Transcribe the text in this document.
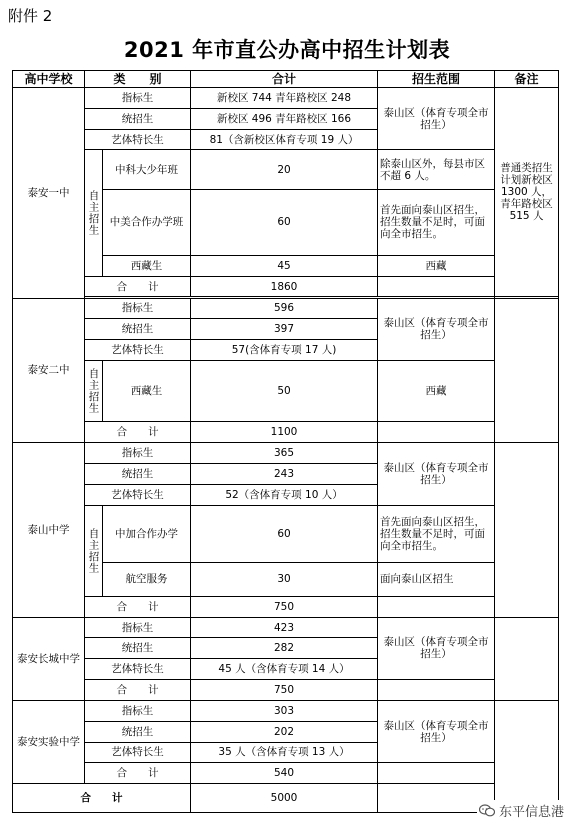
附件 2
2021 年市直公办高中招生计划表
高中学校	类　　别		合计	招生范围	备注
泰安一中	指标生		新校区 744 青年路校区 248	泰山区（体育专项全市招生）	普通类招生计划新校区1300 人，青年路校区 515 人
	统招生		新校区 496 青年路校区 166		
	艺体特长生		81（含新校区体育专项 19 人）		
	自主招生	中科大少年班	20	除泰山区外，每县市区不超 6 人。	
		中美合作办学班	60	首先面向泰山区招生，招生数量不足时，可面向全市招生。	
		西藏生	45	西藏	
	合　　计		1860		

泰安二中	指标生		596	泰山区（体育专项全市招生）	
	统招生		397		
	艺体特长生		57(含体育专项 17 人)		
	自主招生	西藏生	50	西藏	
	合　　计		1100		
泰山中学	指标生		365	泰山区（体育专项全市招生）	
	统招生		243		
	艺体特长生		52（含体育专项 10 人）		
	自主招生	中加合作办学	60	首先面向泰山区招生，招生数量不足时，可面向全市招生。	
		航空服务	30	面向泰山区招生	
	合　　计		750		
泰安长城中学	指标生		423	泰山区（体育专项全市招生）	
	统招生		282		
	艺体特长生		45 人（含体育专项 14 人）		
	合　　计		750		
泰安实验中学	指标生		303	泰山区（体育专项全市招生）	
	统招生		202		
	艺体特长生		35 人（含体育专项 13 人）		
	合　　计		540		
合　　计			5000		
东平信息港
